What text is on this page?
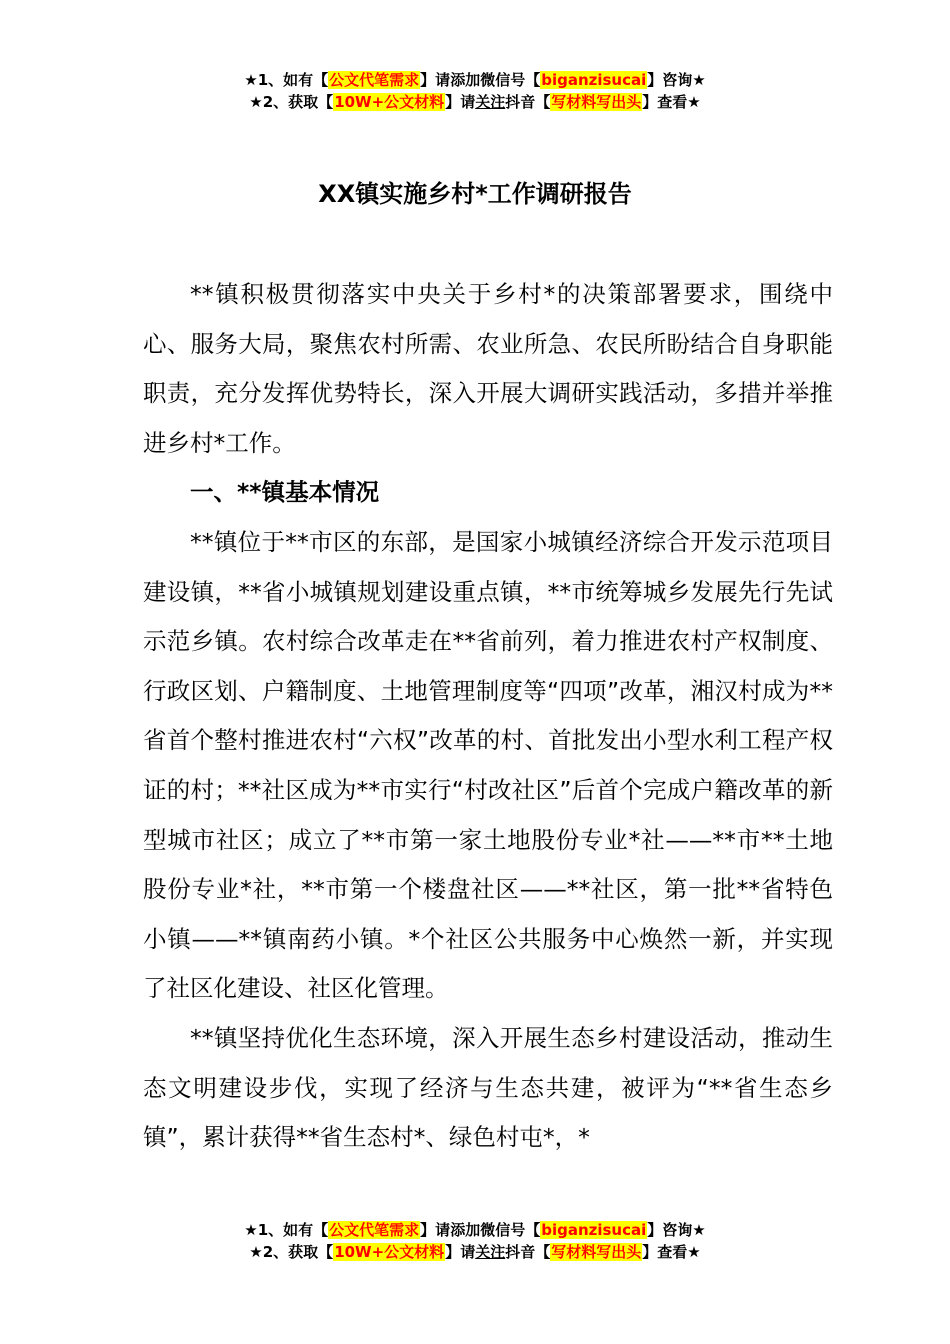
★1、如有【公文代笔需求】请添加微信号【biganzisucai】咨询★
★2、获取【10W+公文材料】请关注抖音【写材料写出头】查看★
XX镇实施乡村*工作调研报告

**镇积极贯彻落实中央关于乡村*的决策部署要求，围绕中心、服务大局，聚焦农村所需、农业所急、农民所盼结合自身职能职责，充分发挥优势特长，深入开展大调研实践活动，多措并举推进乡村*工作。

一、**镇基本情况

**镇位于**市区的东部，是国家小城镇经济综合开发示范项目建设镇，**省小城镇规划建设重点镇，**市统筹城乡发展先行先试示范乡镇。农村综合改革走在**省前列，着力推进农村产权制度、行政区划、户籍制度、土地管理制度等“四项”改革，湘汉村成为**省首个整村推进农村“六权”改革的村、首批发出小型水利工程产权证的村；**社区成为**市实行“村改社区”后首个完成户籍改革的新型城市社区；成立了**市第一家土地股份专业*社——**市**土地股份专业*社，**市第一个楼盘社区——**社区，第一批**省特色小镇——**镇南药小镇。*个社区公共服务中心焕然一新，并实现了社区化建设、社区化管理。

**镇坚持优化生态环境，深入开展生态乡村建设活动，推动生态文明建设步伐，实现了经济与生态共建，被评为“**省生态乡镇”，累计获得**省生态村*、绿色村屯*，*

★1、如有【公文代笔需求】请添加微信号【biganzisucai】咨询★
★2、获取【10W+公文材料】请关注抖音【写材料写出头】查看★
